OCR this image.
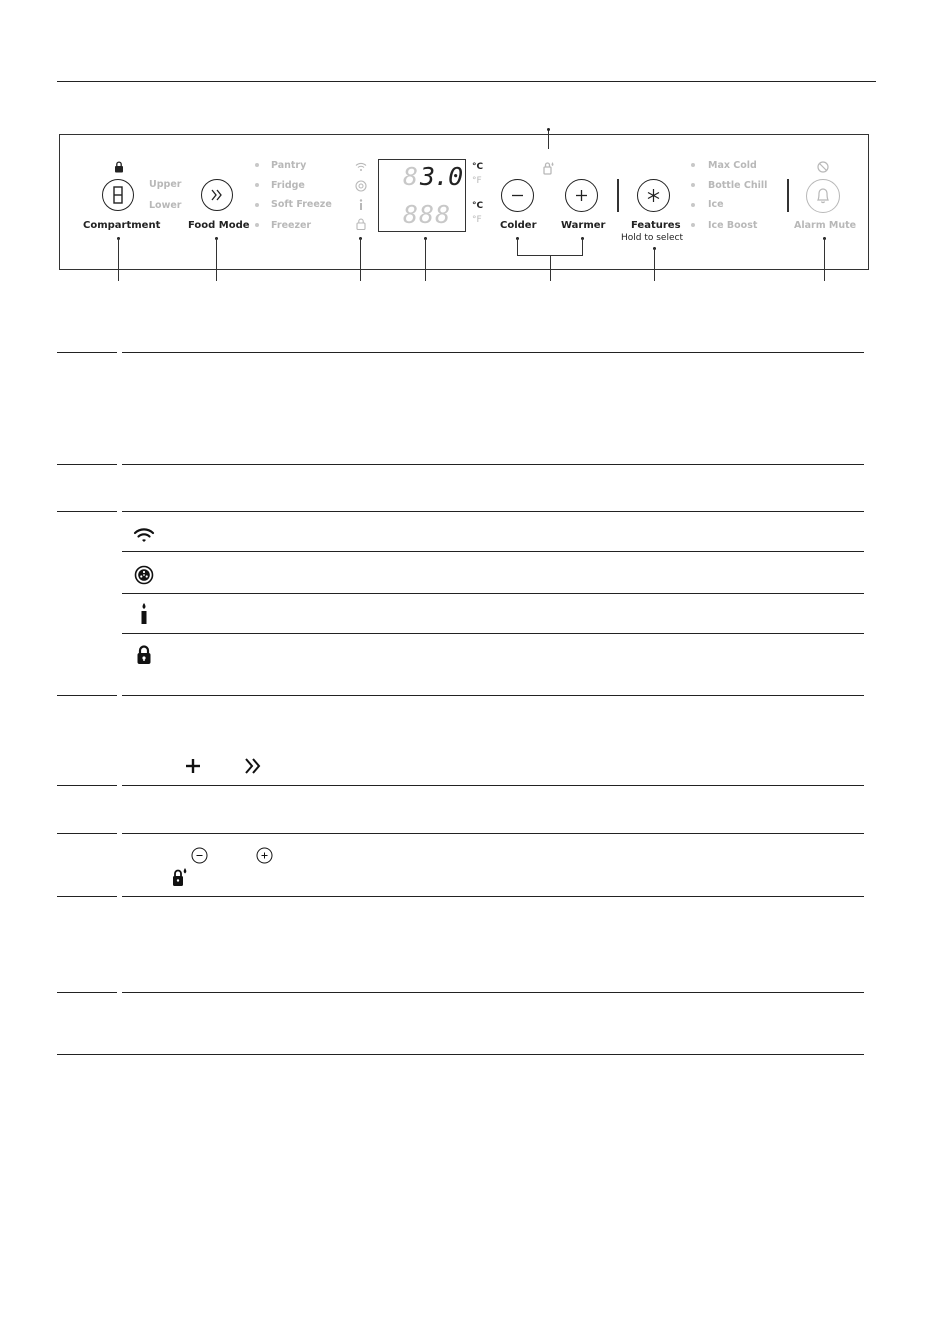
Upper
Lower
Compartment	Food Mode
Pantry
Fridge
Soft Freeze
Freezer
8 3.0
888
°C
°F
°C
°F Colder Warmer	Features
Hold to select
Max Cold
Bottle Chill
Ice
Ice Boost	Alarm Mute
